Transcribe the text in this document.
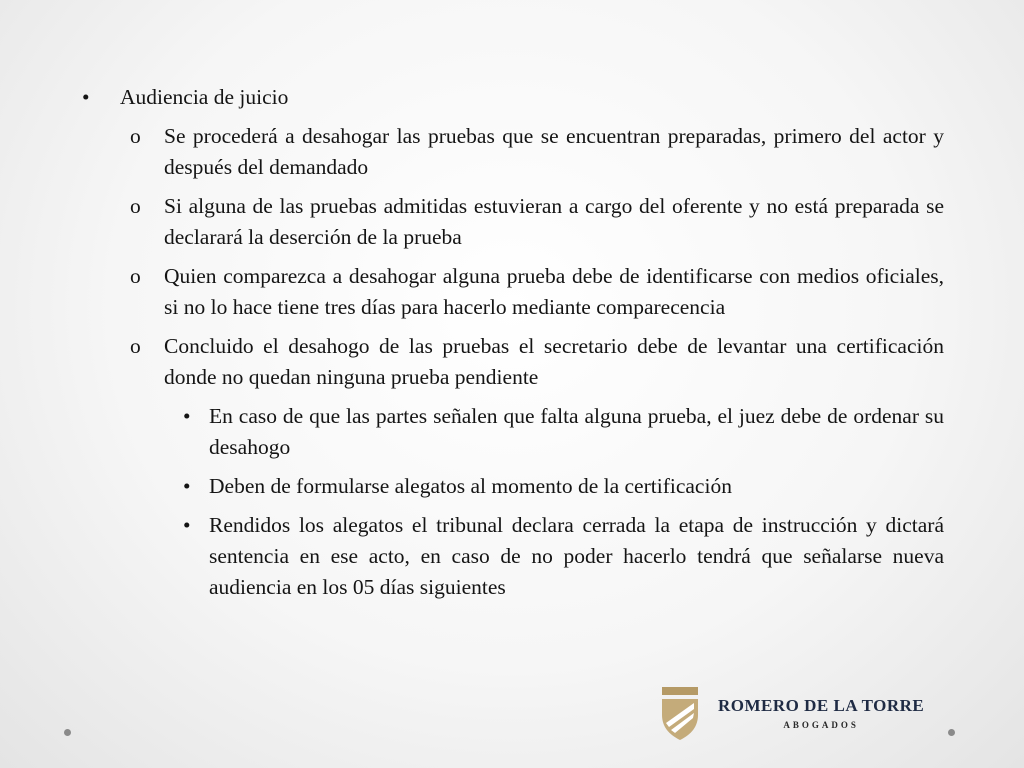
•	Audiencia de juicio
o	Se procederá a desahogar las pruebas que se encuentran preparadas, primero del actor y después del demandado
o	Si alguna de las pruebas admitidas estuvieran a cargo del oferente y no está preparada se declarará la deserción de la prueba
o	Quien comparezca a desahogar alguna prueba debe de identificarse con medios oficiales, si no lo hace tiene tres días para hacerlo mediante comparecencia
o	Concluido el desahogo de las pruebas el secretario debe de levantar una certificación donde no quedan ninguna prueba pendiente
• En caso de que las partes señalen que falta alguna prueba, el juez debe de ordenar su desahogo
• Deben de formularse alegatos al momento de la certificación
• Rendidos los alegatos el tribunal declara cerrada la etapa de instrucción y dictará sentencia en ese acto, en caso de no poder hacerlo tendrá que señalarse nueva audiencia en los 05 días siguientes
ROMERO DE LA TORRE
ABOGADOS
